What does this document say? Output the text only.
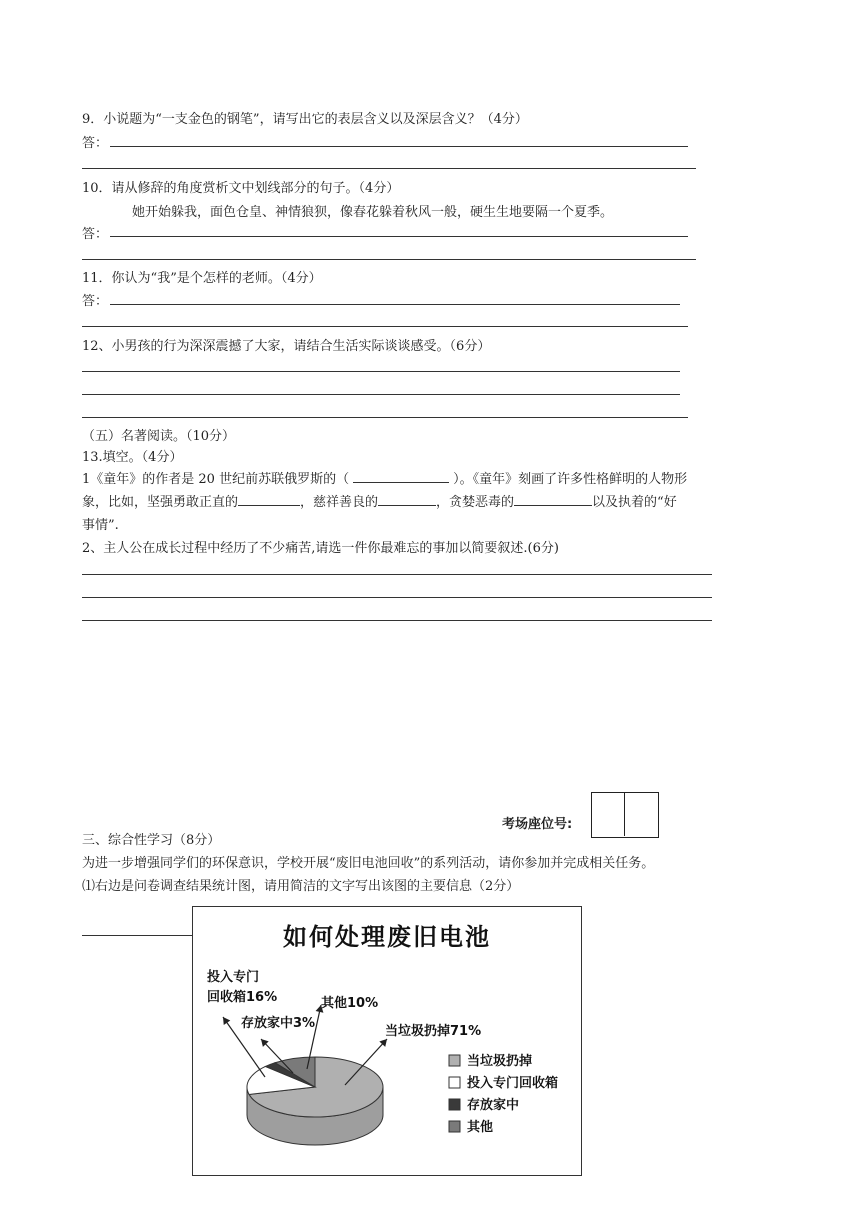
9．小说题为“一支金色的钢笔”，请写出它的表层含义以及深层含义？（4分）
答：
10．请从修辞的角度赏析文中划线部分的句子。（4分）
她开始躲我，面色仓皇、神情狼狈，像春花躲着秋风一般，硬生生地要隔一个夏季。
答：
11．你认为“我”是个怎样的老师。（4分）
答：
12、小男孩的行为深深震撼了大家，请结合生活实际谈谈感受。（6分）
（五）名著阅读。（10分）
13.填空。（4分）
1《童年》的作者是 20 世纪前苏联俄罗斯的（	）。《童年》刻画了许多性格鲜明的人物形
象，比如，坚强勇敢正直的	，慈祥善良的	，贪婪恶毒的	以及执着的“好
事情”.
2、主人公在成长过程中经历了不少痛苦,请选一件你最难忘的事加以简要叙述.(6分)
考场座位号:
三、综合性学习（8分）
为进一步增强同学们的环保意识，学校开展“废旧电池回收”的系列活动，请你参加并完成相关任务。
⑴右边是问卷调查结果统计图，请用简洁的文字写出该图的主要信息（2分）
如何处理废旧电池
投入专门
回收箱16%
存放家中3%
其他10%
当垃圾扔掉71%
当垃圾扔掉
投入专门回收箱
存放家中
其他
